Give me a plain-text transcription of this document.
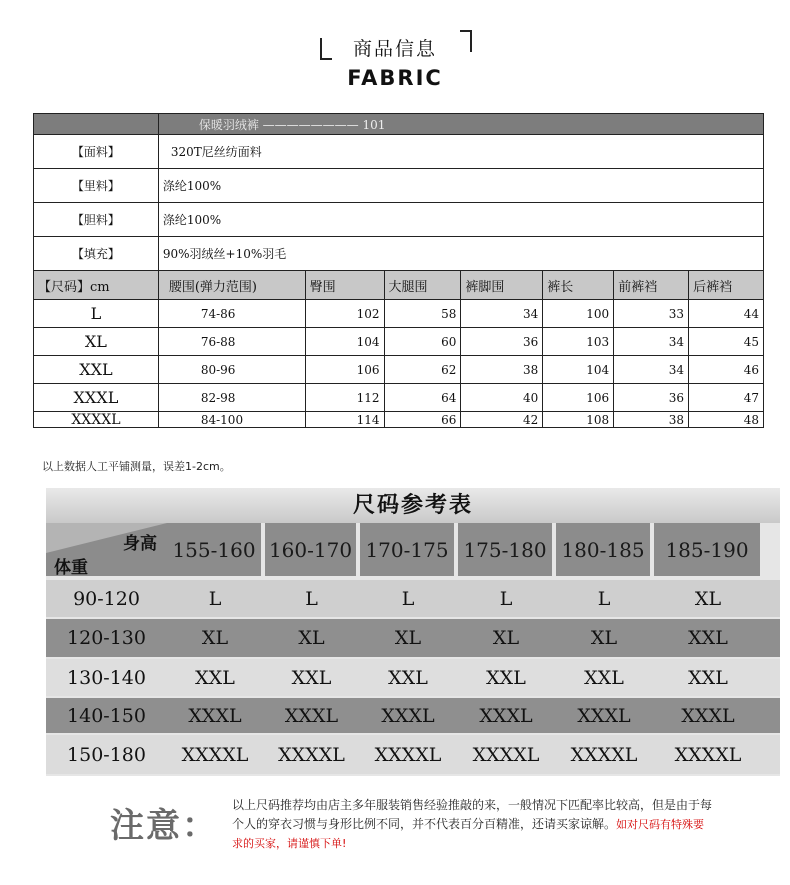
商品信息
FABRIC
	保暖羽绒裤 ———————— 101						
【面料】	320T尼丝纺面料						
【里料】	涤纶100%						
【胆料】	涤纶100%						
【填充】	90%羽绒丝+10%羽毛						
【尺码】cm	腰围(弹力范围)	臀围	大腿围	裤脚围	裤长	前裤裆	后裤裆
L	74-86	102	58	34	100	33	44
XL	76-88	104	60	36	103	34	45
XXL	80-96	106	62	38	104	34	46
XXXL	82-98	112	64	40	106	36	47
XXXXL	84-100	114	66	42	108	38	48
以上数据人工平铺测量，误差1-2cm。
尺码参考表
身高
体重
155-160 160-170 170-175 175-180 180-185	185-190
90-120	L	L	L	L	L	XL
120-130	XL	XL	XL	XL	XL	XXL
130-140	XXL	XXL	XXL	XXL	XXL	XXL
140-150	XXXL	XXXL	XXXL	XXXL	XXXL	XXXL
150-180	XXXXL	XXXXL	XXXXL	XXXXL	XXXXL	XXXXL
注意：
以上尺码推荐均由店主多年服装销售经验推敲的来，一般情况下匹配率比较高，但是由于每个人的穿衣习惯与身形比例不同，并不代表百分百精准，还请买家谅解。如对尺码有特殊要求的买家，请谨慎下单!
